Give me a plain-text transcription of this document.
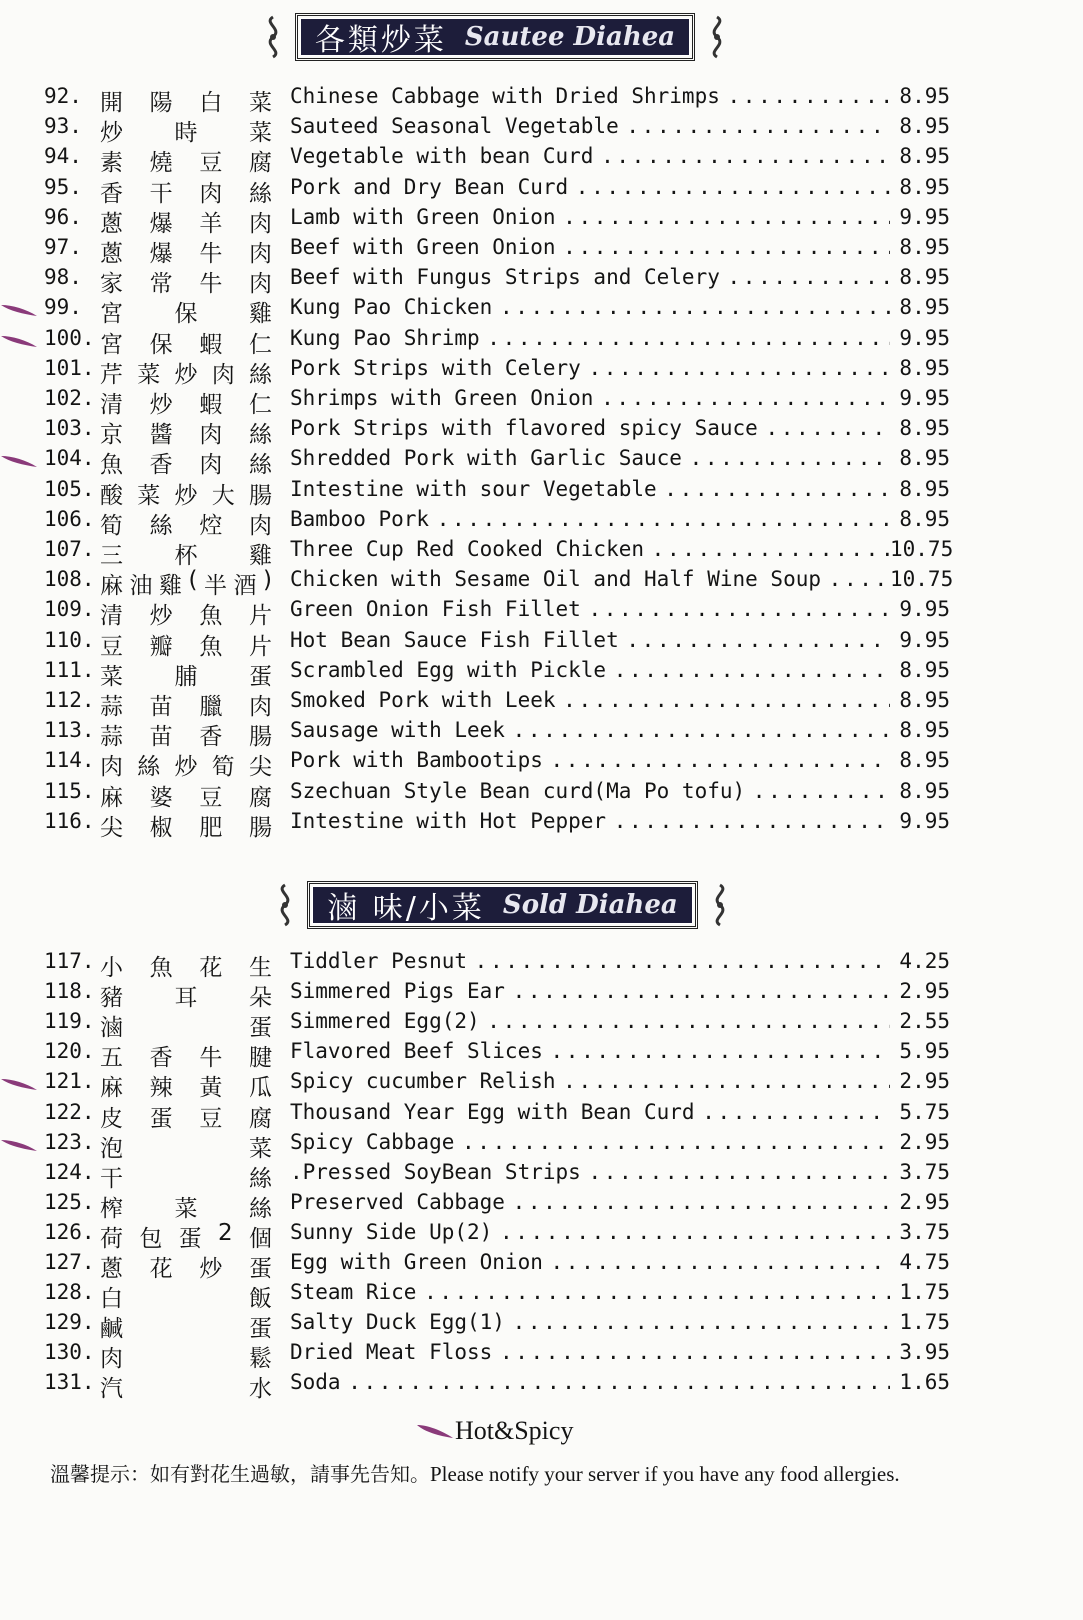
各類炒菜 Sautee Diahea
92. 開 陽 白 菜 Chinese Cabbage with Dried Shrimps . . .	8.95
93. 炒 時 菜 Sauteed Seasonal Vegetable . . .	8.95
94. 素 燒 豆 腐 Vegetable with bean Curd . . .	8.95
95. 香 干 肉 絲 Pork and Dry Bean Curd . . .	8.95
96. 蔥 爆 羊 肉 Lamb with Green Onion . . .	9.95
97. 蔥 爆 牛 肉 Beef with Green Onion . . .	8.95
98. 家 常 牛 肉 Beef with Fungus Strips and Celery . . .	8.95
99. 宮 保 雞 Kung Pao Chicken . . .	8.95
100. 宮 保 蝦 仁 Kung Pao Shrimp . . .	9.95
101. 芹 菜 炒 肉 絲 Pork Strips with Celery . . .	8.95
102. 清 炒 蝦 仁 Shrimps with Green Onion . . .	9.95
103. 京 醬 肉 絲 Pork Strips with flavored spicy Sauce . . .	8.95
104. 魚 香 肉 絲 Shredded Pork with Garlic Sauce . . .	8.95
105. 酸 菜 炒 大 腸 Intestine with sour Vegetable . . .	8.95
106. 筍 絲 焢 肉 Bamboo Pork . . .	8.95
107. 三 杯 雞 Three Cup Red Cooked Chicken . . .	10.75
108. 麻 油 雞 ( 半 酒 ) Chicken with Sesame Oil and Half Wine Soup . . .	10.75
109. 清 炒 魚 片 Green Onion Fish Fillet . . .	9.95
110. 豆 瓣 魚 片 Hot Bean Sauce Fish Fillet . . .	9.95
111. 菜 脯 蛋 Scrambled Egg with Pickle . . .	8.95
112. 蒜 苗 臘 肉 Smoked Pork with Leek . . .	8.95
113. 蒜 苗 香 腸 Sausage with Leek . . .	8.95
114. 肉 絲 炒 筍 尖 Pork with Bambootips . . .	8.95
115. 麻 婆 豆 腐 Szechuan Style Bean curd(Ma Po tofu) . . .	8.95
116. 尖 椒 肥 腸 Intestine with Hot Pepper . . .	9.95
滷 味/小菜 Sold Diahea
117. 小 魚 花 生 Tiddler Pesnut . . .	4.25
118. 豬 耳 朵 Simmered Pigs Ear . . .	2.95
119. 滷	蛋 Simmered Egg(2) . . .	2.55
120. 五 香 牛 腱 Flavored Beef Slices . . .	5.95
121. 麻 辣 黃 瓜 Spicy cucumber Relish . . .	2.95
122. 皮 蛋 豆 腐 Thousand Year Egg with Bean Curd . . .	5.75
123. 泡	菜 Spicy Cabbage . . .	2.95
124. 干	絲 .Pressed SoyBean Strips . . .	3.75
125. 榨 菜 絲 Preserved Cabbage . . .	2.95
126. 荷 包 蛋 2 個 Sunny Side Up(2) . . .	3.75
127. 蔥 花 炒 蛋 Egg with Green Onion . . .	4.75
128. 白	飯 Steam Rice . . .	1.75
129. 鹹	蛋 Salty Duck Egg(1) . . .	1.75
130. 肉	鬆 Dried Meat Floss . . .	3.95
131. 汽	水 Soda . . .	1.65
Hot&Spicy
溫馨提示：如有對花生過敏，請事先告知。Please notify your server if you have any food allergies.
